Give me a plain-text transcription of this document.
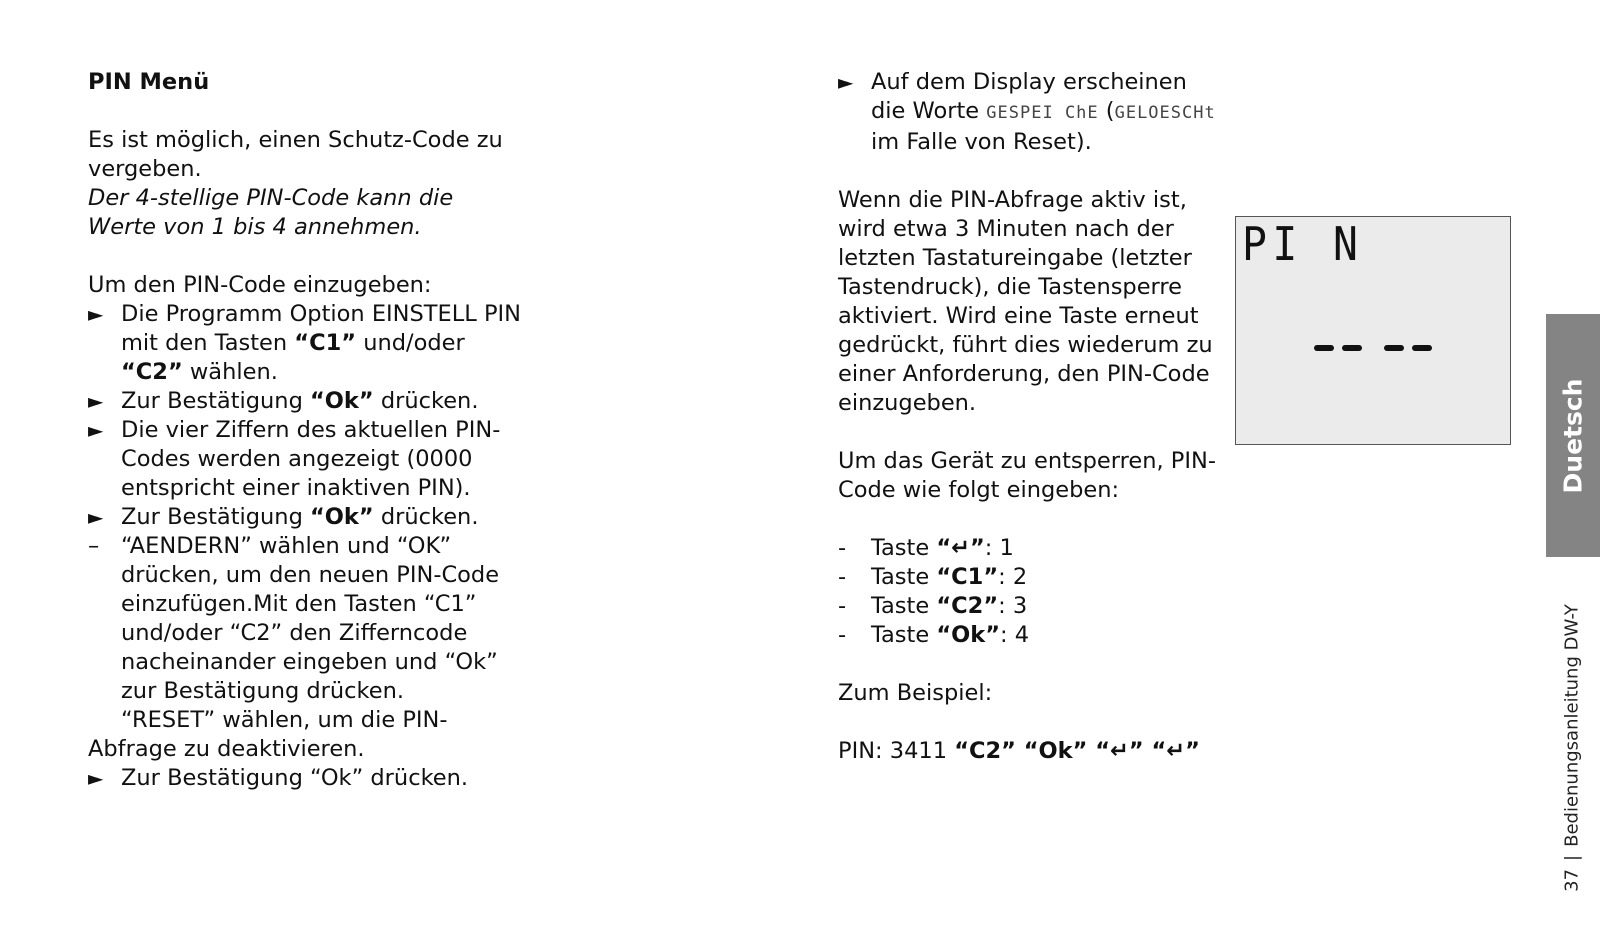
PIN Menü

Es ist möglich, einen Schutz-Code zu vergeben.

Der 4-stellige PIN-Code kann die Werte von 1 bis 4 annehmen.

Um den PIN-Code einzugeben:

► Die Programm Option EINSTELL PIN mit den Tasten “C1” und/oder “C2” wählen.
► Zur Bestätigung “Ok” drücken.
► Die vier Ziffern des aktuellen PIN-Codes werden angezeigt (0000 entspricht einer inaktiven PIN).
► Zur Bestätigung “Ok” drücken.
– “AENDERN” wählen und “OK” drücken, um den neuen PIN-Code einzufügen.Mit den Tasten “C1” und/oder “C2” den Zifferncode nacheinander eingeben und “Ok” zur Bestätigung drücken.
“RESET” wählen, um die PIN-

Abfrage zu deaktivieren.

► Zur Bestätigung “Ok” drücken.
► Auf dem Display erscheinen die Worte GESPEI ChE (GELOESCHt im Falle von Reset).

Wenn die PIN-Abfrage aktiv ist, wird etwa 3 Minuten nach der letzten Tastatureingabe (letzter Tastendruck), die Tastensperre aktiviert. Wird eine Taste erneut gedrückt, führt dies wiederum zu einer Anforderung, den PIN-Code einzugeben.

Um das Gerät zu entsperren, PIN-Code wie folgt eingeben:

- Taste “↵”: 1
- Taste “C1”: 2
- Taste “C2”: 3
- Taste “Ok”: 4

Zum Beispiel:

PIN: 3411 “C2” “Ok” “↵” “↵”

PI N
Duetsch
37|Bedienungsanleitung DW-Y
